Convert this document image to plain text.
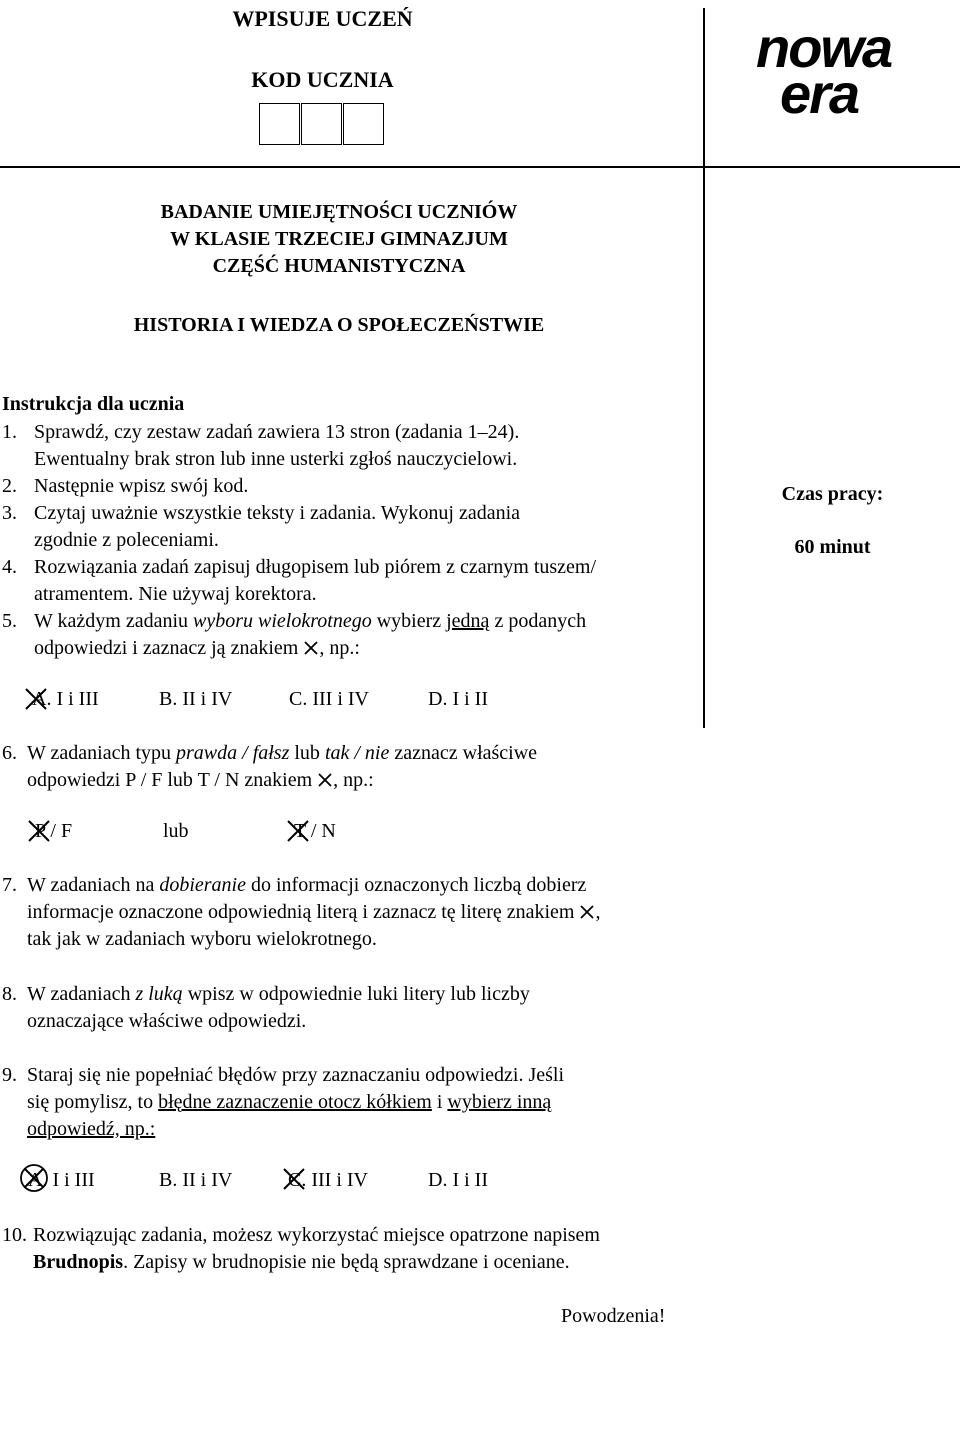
WPISUJE UCZEŃ
KOD UCZNIA
nowa
era
BADANIE UMIEJĘTNOŚCI UCZNIÓW
W KLASIE TRZECIEJ GIMNAZJUM
CZĘŚĆ HUMANISTYCZNA
HISTORIA I WIEDZA O SPOŁECZEŃSTWIE
Czas pracy:
60 minut
Instrukcja dla ucznia
1. Sprawdź, czy zestaw zadań zawiera 13 stron (zadania 1–24).
Ewentualny brak stron lub inne usterki zgłoś nauczycielowi.
2. Następnie wpisz swój kod.
3. Czytaj uważnie wszystkie teksty i zadania. Wykonuj zadania
zgodnie z poleceniami.
4. Rozwiązania zadań zapisuj długopisem lub piórem z czarnym tuszem/
atramentem. Nie używaj korektora.
5. W każdym zadaniu wyboru wielokrotnego wybierz jedną z podanych
odpowiedzi i zaznacz ją znakiem , np.:
A. I i III	B. II i IV	C. III i IV	D. I i II
6. W zadaniach typu prawda / fałsz lub tak / nie zaznacz właściwe
odpowiedzi P / F lub T / N znakiem , np.:
P / F	lub	T / N
7. W zadaniach na dobieranie do informacji oznaczonych liczbą dobierz
informacje oznaczone odpowiednią literą i zaznacz tę literę znakiem ,
tak jak w zadaniach wyboru wielokrotnego.
8. W zadaniach z luką wpisz w odpowiednie luki litery lub liczby
oznaczające właściwe odpowiedzi.
9. Staraj się nie popełniać błędów przy zaznaczaniu odpowiedzi. Jeśli
się pomylisz, to błędne zaznaczenie otocz kółkiem i wybierz inną
odpowiedź, np.:
A. I i III	B. II i IV	C. III i IV	D. I i II
10. Rozwiązując zadania, możesz wykorzystać miejsce opatrzone napisem
Brudnopis. Zapisy w brudnopisie nie będą sprawdzane i oceniane.
Powodzenia!
